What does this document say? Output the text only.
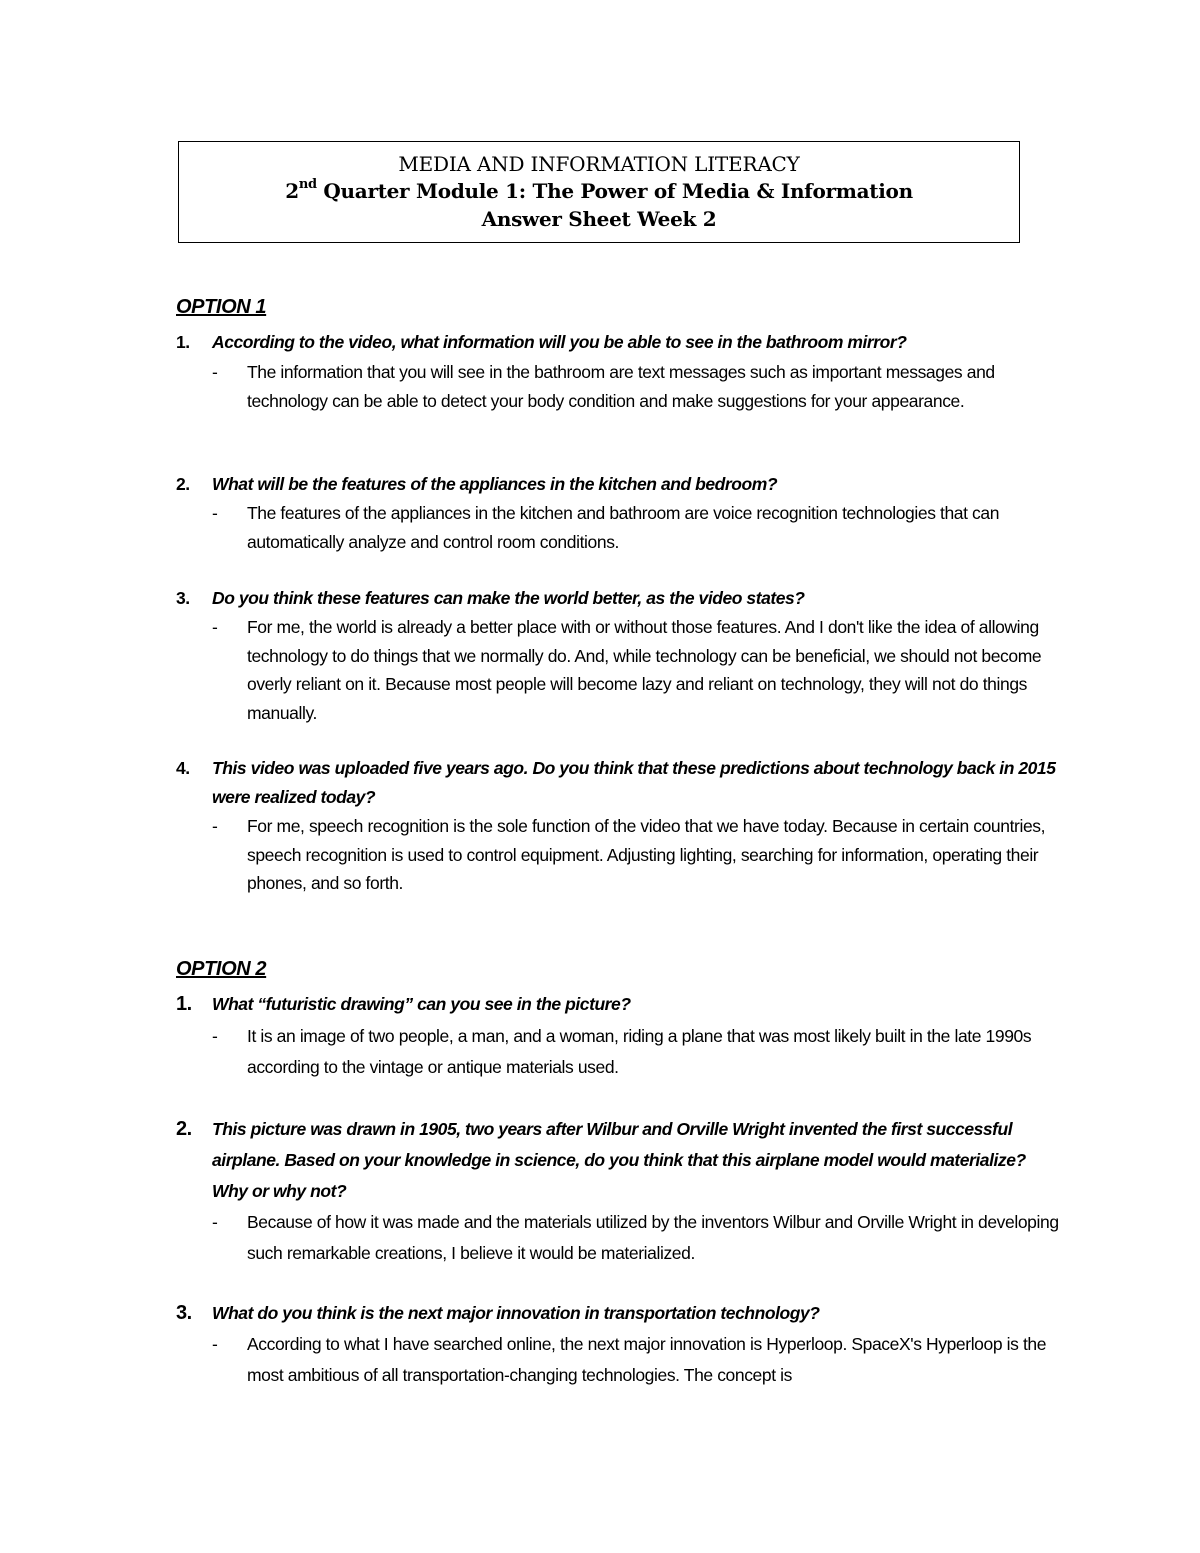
MEDIA AND INFORMATION LITERACY
2nd Quarter Module 1: The Power of Media & Information
Answer Sheet Week 2
OPTION 1
1. According to the video, what information will you be able to see in the bathroom mirror?
- The information that you will see in the bathroom are text messages such as important messages and technology can be able to detect your body condition and make suggestions for your appearance.
2. What will be the features of the appliances in the kitchen and bedroom?
- The features of the appliances in the kitchen and bathroom are voice recognition technologies that can automatically analyze and control room conditions.
3. Do you think these features can make the world better, as the video states?
- For me, the world is already a better place with or without those features. And I don't like the idea of allowing technology to do things that we normally do. And, while technology can be beneficial, we should not become overly reliant on it. Because most people will become lazy and reliant on technology, they will not do things manually.
4. This video was uploaded five years ago. Do you think that these predictions about technology back in 2015 were realized today?
- For me, speech recognition is the sole function of the video that we have today. Because in certain countries, speech recognition is used to control equipment. Adjusting lighting, searching for information, operating their phones, and so forth.
OPTION 2
1. What “futuristic drawing” can you see in the picture?
- It is an image of two people, a man, and a woman, riding a plane that was most likely built in the late 1990s according to the vintage or antique materials used.
2. This picture was drawn in 1905, two years after Wilbur and Orville Wright invented the first successful airplane. Based on your knowledge in science, do you think that this airplane model would materialize? Why or why not?
- Because of how it was made and the materials utilized by the inventors Wilbur and Orville Wright in developing such remarkable creations, I believe it would be materialized.
3. What do you think is the next major innovation in transportation technology?
- According to what I have searched online, the next major innovation is Hyperloop. SpaceX's Hyperloop is the most ambitious of all transportation-changing technologies. The concept is
